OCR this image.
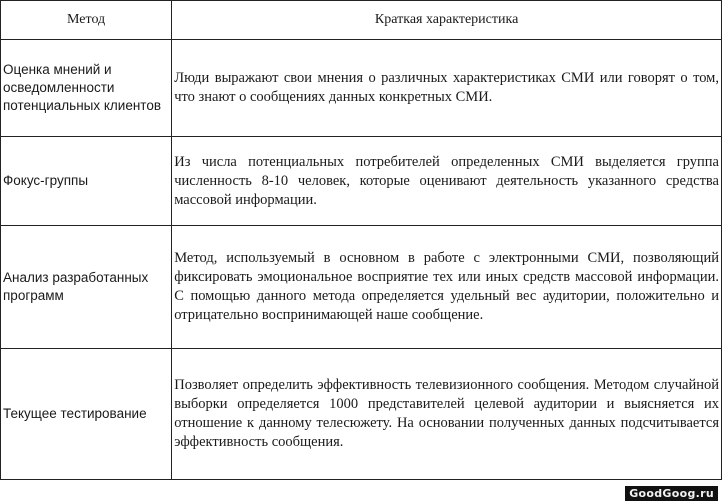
Метод	Краткая характеристика
Оценка мнений и осведомленности потенциальных клиентов	Люди выражают свои мнения о различных характеристиках СМИ или говорят о том, что знают о сообщениях данных конкретных СМИ.
Фокус-группы	Из числа потенциальных потребителей определенных СМИ выделяется группа численность 8-10 человек, которые оценивают деятельность указанного средства массовой информации.
Анализ разработанных программ	Метод, используемый в основном в работе с электронными СМИ, позволяющий фиксировать эмоциональное восприятие тех или иных средств массовой информации. С помощью данного метода определяется удельный вес аудитории, положительно и отрицательно воспринимающей наше сообщение.
Текущее тестирование	Позволяет определить эффективность телевизионного сообщения. Методом случайной выборки определяется 1000 представителей целевой аудитории и выясняется их отношение к данному телесюжету. На основании полученных данных подсчитывается эффективность сообщения.
GoodGoog.ru
